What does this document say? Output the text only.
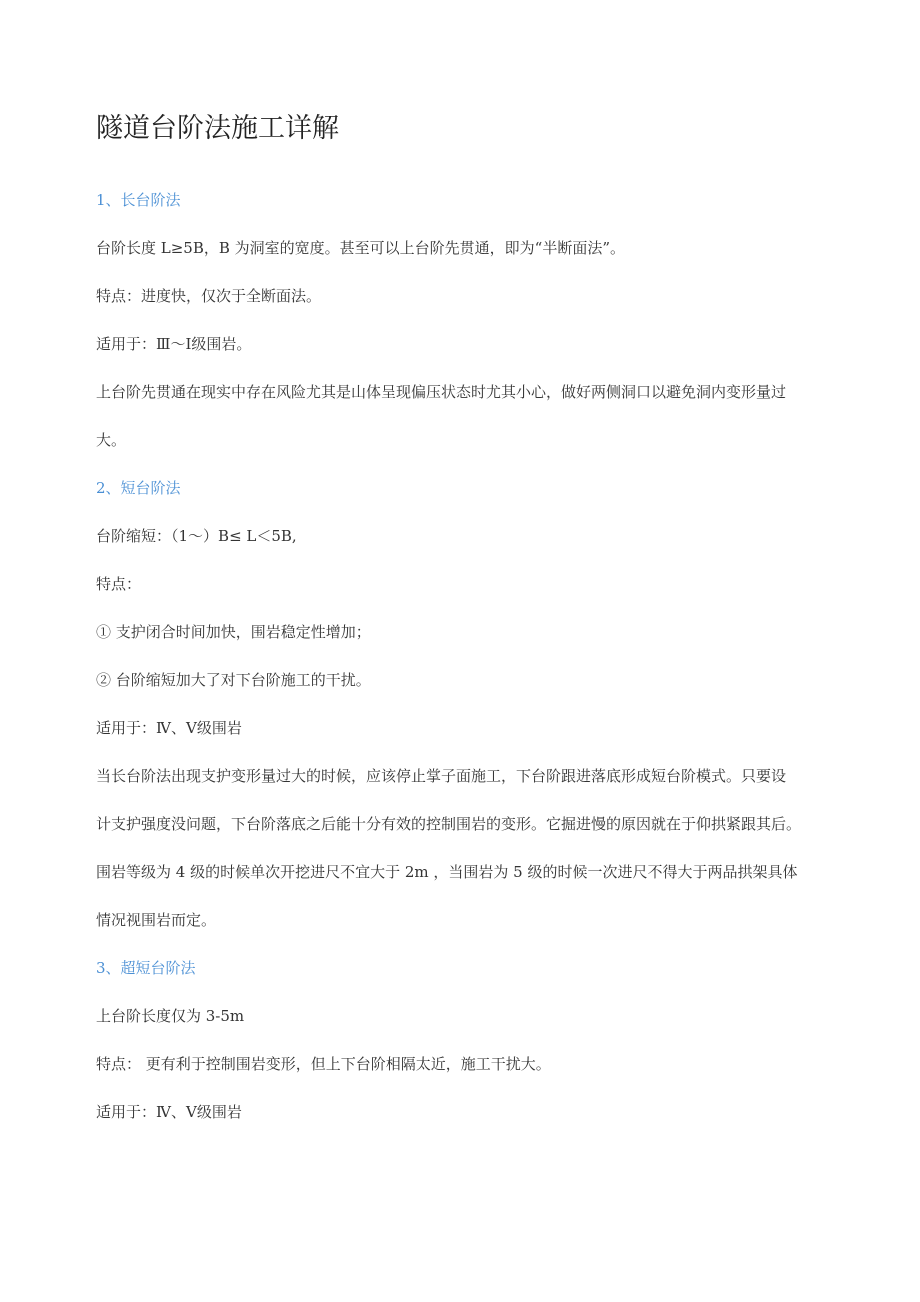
隧道台阶法施工详解

1、长台阶法

台阶长度 L≥5B，B 为洞室的宽度。甚至可以上台阶先贯通，即为“半断面法”。

特点：进度快，仅次于全断面法。

适用于：Ⅲ～Ⅰ级围岩。

上台阶先贯通在现实中存在风险尤其是山体呈现偏压状态时尤其小心，做好两侧洞口以避免洞内变形量过

大。

2、短台阶法

台阶缩短：（1～）B≤ L＜5B,

特点：

① 支护闭合时间加快，围岩稳定性增加；

② 台阶缩短加大了对下台阶施工的干扰。

适用于：Ⅳ、Ⅴ级围岩

当长台阶法出现支护变形量过大的时候，应该停止掌子面施工，下台阶跟进落底形成短台阶模式。只要设

计支护强度没问题，下台阶落底之后能十分有效的控制围岩的变形。它掘进慢的原因就在于仰拱紧跟其后。

围岩等级为 4 级的时候单次开挖进尺不宜大于 2m ，当围岩为 5 级的时候一次进尺不得大于两品拱架具体

情况视围岩而定。

3、超短台阶法

上台阶长度仅为 3-5m

特点： 更有利于控制围岩变形，但上下台阶相隔太近，施工干扰大。

适用于：Ⅳ、Ⅴ级围岩
